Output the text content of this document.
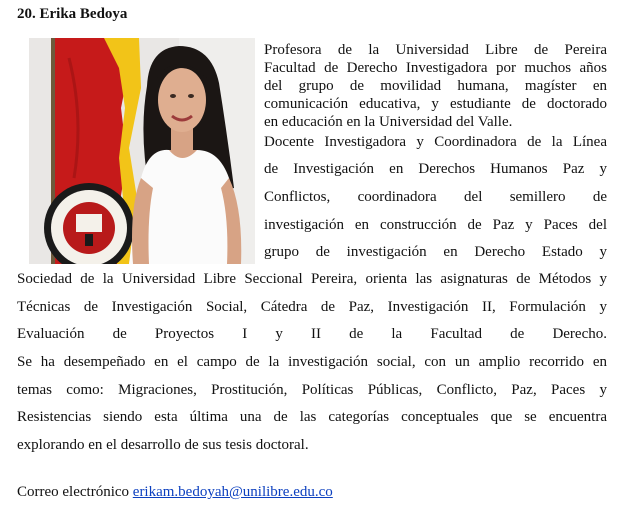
20. Erika Bedoya
Profesora de la Universidad Libre de Pereira
Facultad de Derecho Investigadora por muchos años
del grupo de movilidad humana, magíster en
comunicación educativa, y estudiante de doctorado
en educación en la Universidad del Valle.
Docente Investigadora y Coordinadora de la Línea
de Investigación en Derechos Humanos Paz y
Conflictos, coordinadora del semillero de
investigación en construcción de Paz y Paces del
grupo de investigación en Derecho Estado y
Sociedad de la Universidad Libre Seccional Pereira, orienta las asignaturas de Métodos y
Técnicas de Investigación Social, Cátedra de Paz, Investigación II, Formulación y
Evaluación de Proyectos I y II de la Facultad de Derecho.
Se ha desempeñado en el campo de la investigación social, con un amplio recorrido en
temas como: Migraciones, Prostitución, Políticas Públicas, Conflicto, Paz, Paces y
Resistencias siendo esta última una de las categorías conceptuales que se encuentra
explorando en el desarrollo de sus tesis doctoral.
Correo electrónico erikam.bedoyah@unilibre.edu.co
